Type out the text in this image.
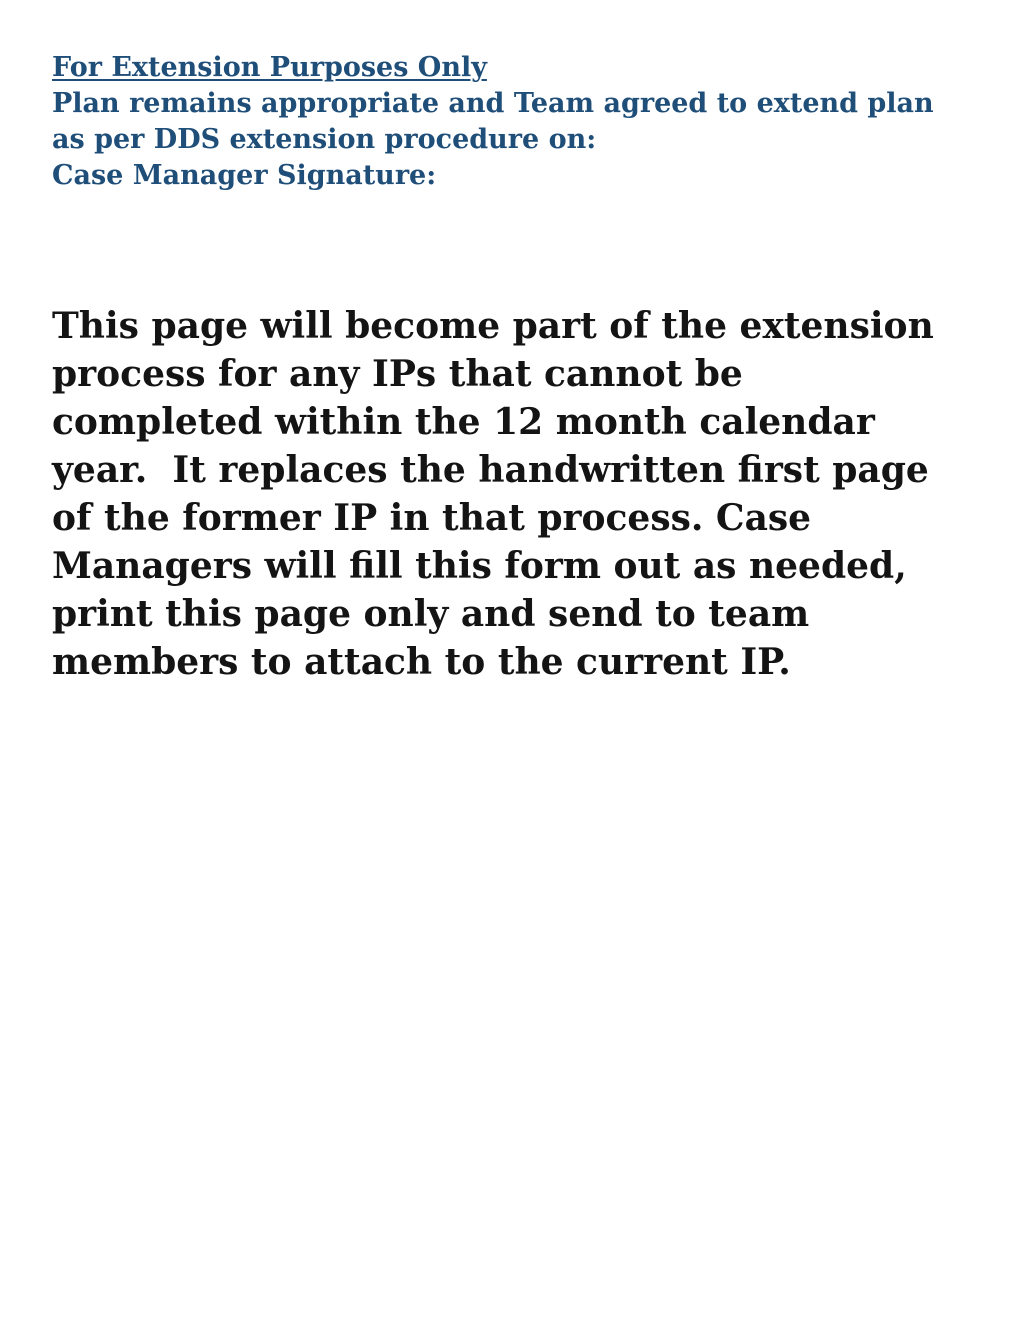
For Extension Purposes Only
Plan remains appropriate and Team agreed to extend plan
as per DDS extension procedure on:
Case Manager Signature:

This page will become part of the extension
process for any IPs that cannot be
completed within the 12 month calendar
year.  It replaces the handwritten first page
of the former IP in that process. Case
Managers will fill this form out as needed,
print this page only and send to team
members to attach to the current IP.
